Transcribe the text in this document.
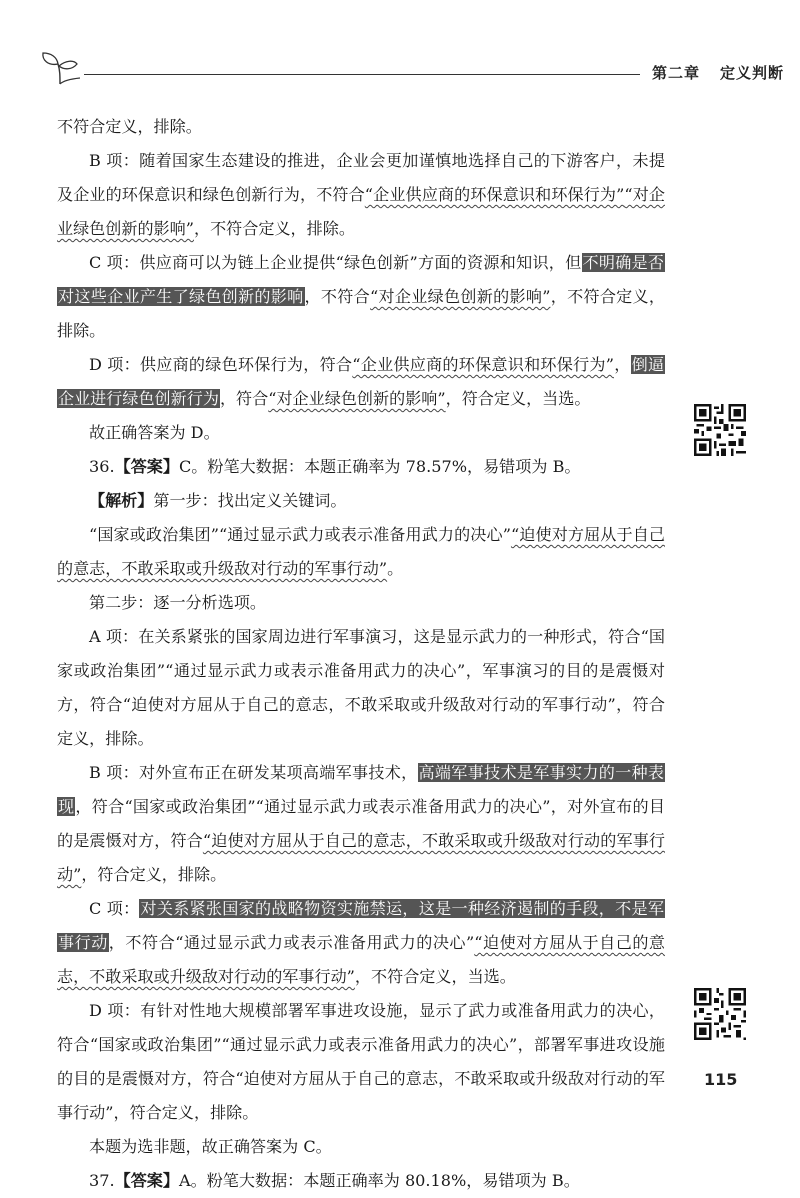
第二章 定义判断

不符合定义，排除。

B 项：随着国家生态建设的推进，企业会更加谨慎地选择自己的下游客户，未提及企业的环保意识和绿色创新行为，不符合“企业供应商的环保意识和环保行为”“对企业绿色创新的影响”，不符合定义，排除。

C 项：供应商可以为链上企业提供“绿色创新”方面的资源和知识，但不明确是否对这些企业产生了绿色创新的影响，不符合“对企业绿色创新的影响”，不符合定义，排除。

D 项：供应商的绿色环保行为，符合“企业供应商的环保意识和环保行为”，倒逼企业进行绿色创新行为，符合“对企业绿色创新的影响”，符合定义，当选。

故正确答案为 D。

36.【答案】C。粉笔大数据：本题正确率为 78.57%，易错项为 B。

【解析】第一步：找出定义关键词。

“国家或政治集团”“通过显示武力或表示准备用武力的决心”“迫使对方屈从于自己的意志，不敢采取或升级敌对行动的军事行动”。

第二步：逐一分析选项。

A 项：在关系紧张的国家周边进行军事演习，这是显示武力的一种形式，符合“国家或政治集团”“通过显示武力或表示准备用武力的决心”，军事演习的目的是震慑对方，符合“迫使对方屈从于自己的意志，不敢采取或升级敌对行动的军事行动”，符合定义，排除。

B 项：对外宣布正在研发某项高端军事技术，高端军事技术是军事实力的一种表现，符合“国家或政治集团”“通过显示武力或表示准备用武力的决心”，对外宣布的目的是震慑对方，符合“迫使对方屈从于自己的意志，不敢采取或升级敌对行动的军事行动”，符合定义，排除。

C 项：对关系紧张国家的战略物资实施禁运，这是一种经济遏制的手段，不是军事行动，不符合“通过显示武力或表示准备用武力的决心”“迫使对方屈从于自己的意志，不敢采取或升级敌对行动的军事行动”，不符合定义，当选。

D 项：有针对性地大规模部署军事进攻设施，显示了武力或准备用武力的决心，符合“国家或政治集团”“通过显示武力或表示准备用武力的决心”，部署军事进攻设施的目的是震慑对方，符合“迫使对方屈从于自己的意志，不敢采取或升级敌对行动的军事行动”，符合定义，排除。

本题为选非题，故正确答案为 C。

37.【答案】A。粉笔大数据：本题正确率为 80.18%，易错项为 B。

115
